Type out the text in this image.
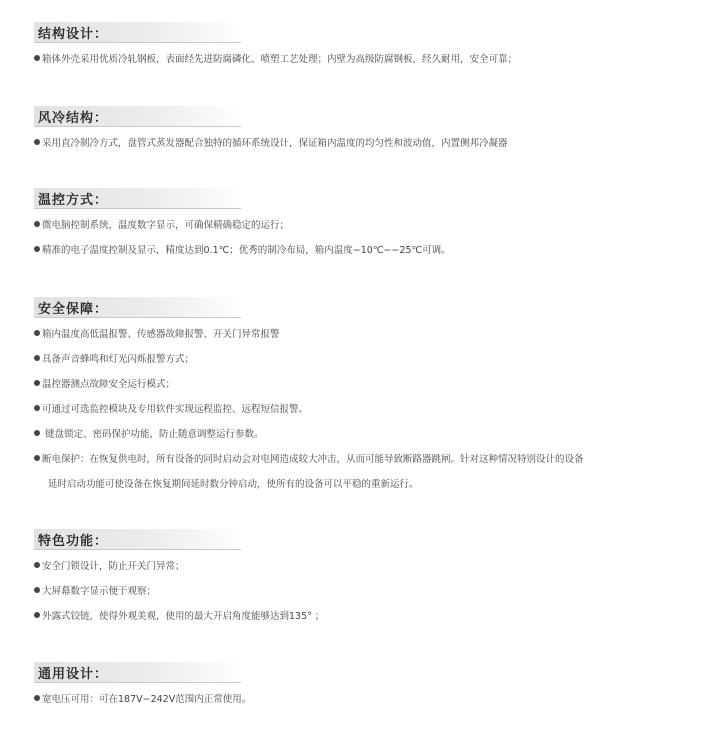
结构设计：
箱体外壳采用优质冷轧钢板，表面经先进防腐磷化、喷塑工艺处理；内壁为高级防腐钢板，经久耐用，安全可靠；
风冷结构：
采用直冷制冷方式，盘管式蒸发器配合独特的循环系统设计，保证箱内温度的均匀性和波动值，内置侧邦冷凝器
温控方式：
微电脑控制系统，温度数字显示，可确保精确稳定的运行；
精准的电子温度控制及显示，精度达到0.1℃；优秀的制冷布局，箱内温度−10℃−−25℃可调。
安全保障：
箱内温度高低温报警、传感器故障报警、开关门异常报警
具备声音蜂鸣和灯光闪烁报警方式；
温控器测点故障安全运行模式；
可通过可选监控模块及专用软件实现远程监控、远程短信报警。
键盘锁定、密码保护功能，防止随意调整运行参数。
断电保护：在恢复供电时，所有设备的同时启动会对电网造成较大冲击，从而可能导致断路器跳闸。针对这种情况特别设计的设备
延时启动功能可使设备在恢复期间延时数分钟启动，使所有的设备可以平稳的重新运行。
特色功能：
安全门锁设计，防止开关门异常；
大屏幕数字显示便于观察；
外露式铰链，使得外观美观，使用的最大开启角度能够达到135° ；
通用设计：
宽电压可用：可在187V−242V范围内正常使用。
